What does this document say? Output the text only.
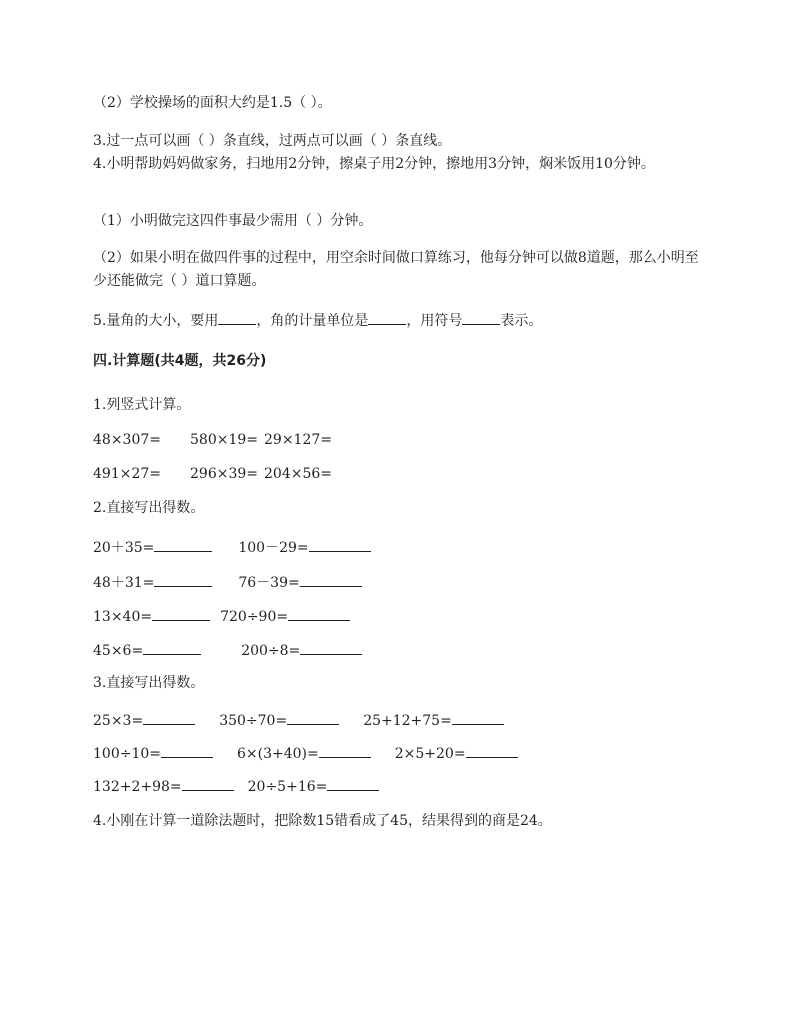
（2）学校操场的面积大约是1.5（ ）。
3.过一点可以画（ ）条直线，过两点可以画（ ）条直线。
4.小明帮助妈妈做家务，扫地用2分钟，擦桌子用2分钟，擦地用3分钟，焖米饭用10分钟。
（1）小明做完这四件事最少需用（ ）分钟。
（2）如果小明在做四件事的过程中，用空余时间做口算练习，他每分钟可以做8道题，那么小明至少还能做完（ ）道口算题。
5.量角的大小，要用	，角的计量单位是	，用符号	表示。
四.计算题(共4题，共26分)
1.列竖式计算。
48×307= 580×19= 29×127=
491×27= 296×39= 204×56=
2.直接写出得数。
20＋35=	100－29=
48＋31=	76－39=
13×40=	720÷90=
45×6=	200÷8=
3.直接写出得数。
25×3=	350÷70=	25+12+75=
100÷10=	6×(3+40)=	2×5+20=
132+2+98=	20÷5+16=
4.小刚在计算一道除法题时，把除数15错看成了45，结果得到的商是24。
